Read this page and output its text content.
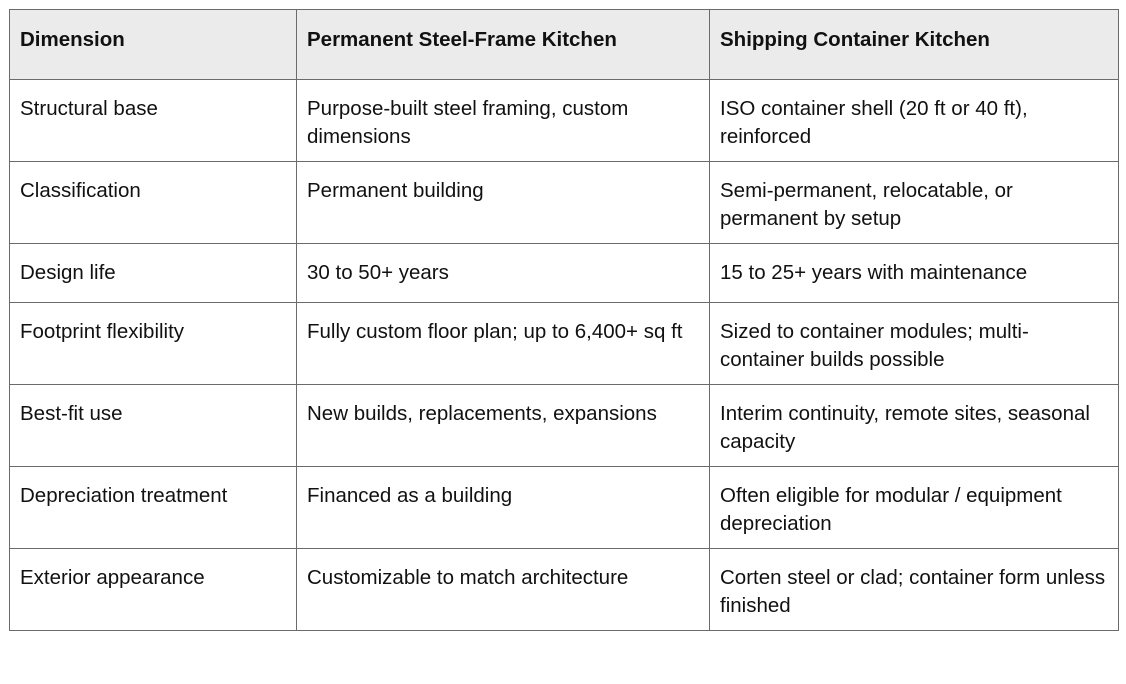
Dimension	Permanent Steel-Frame Kitchen	Shipping Container Kitchen
Structural base	Purpose-built steel framing, custom dimensions	ISO container shell (20 ft or 40 ft), reinforced
Classification	Permanent building	Semi-permanent, relocatable, or permanent by setup
Design life	30 to 50+ years	15 to 25+ years with maintenance
Footprint flexibility	Fully custom floor plan; up to 6,400+ sq ft	Sized to container modules; multi-container builds possible
Best-fit use	New builds, replacements, expansions	Interim continuity, remote sites, seasonal capacity
Depreciation treatment	Financed as a building	Often eligible for modular / equipment depreciation
Exterior appearance	Customizable to match architecture	Corten steel or clad; container form unless finished
